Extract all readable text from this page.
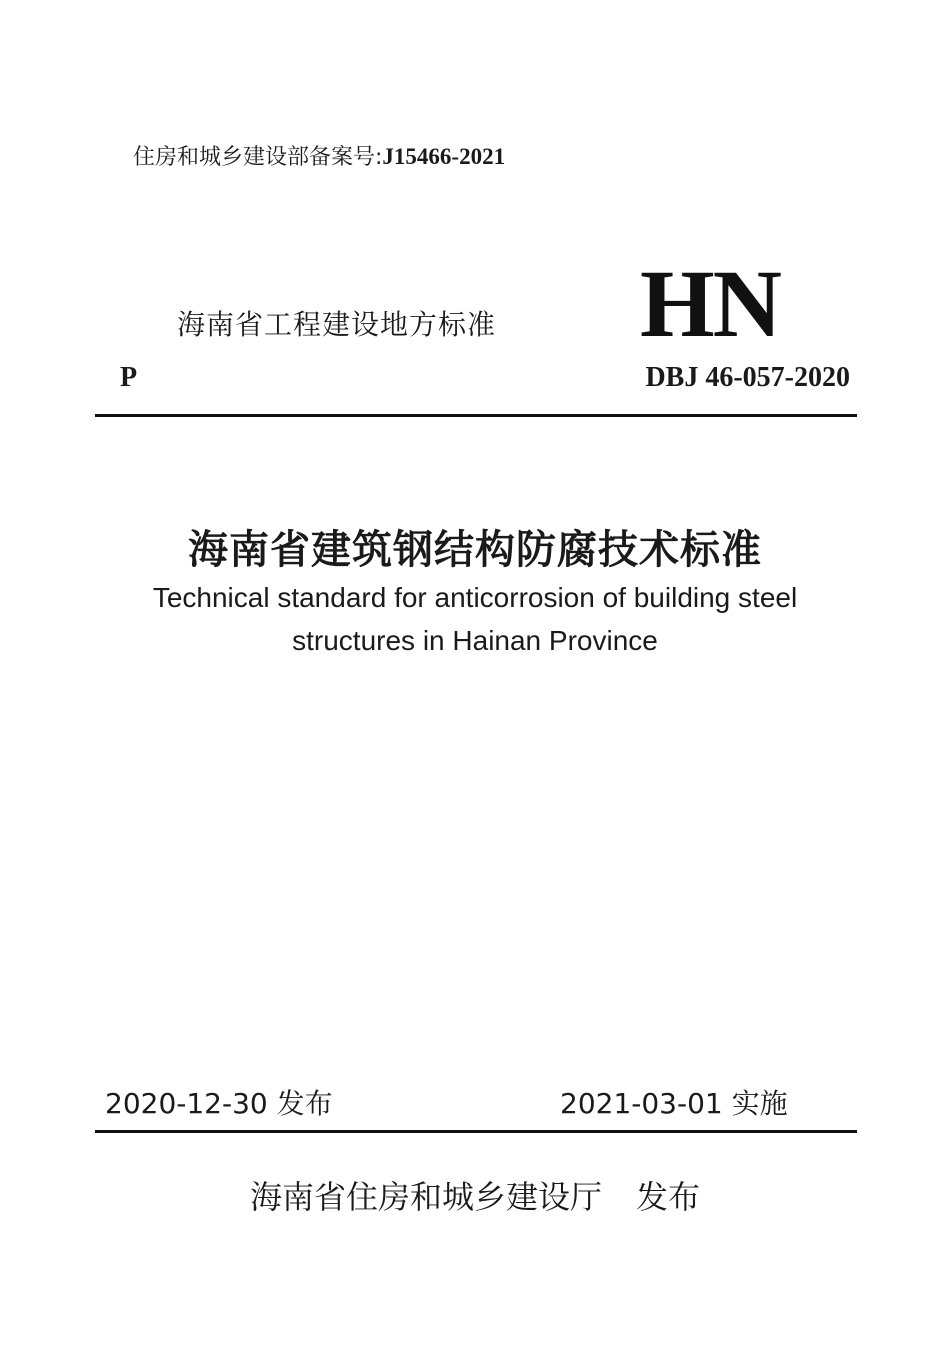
住房和城乡建设部备案号:J15466-2021
海南省工程建设地方标准 HN
P	DBJ 46-057-2020
海南省建筑钢结构防腐技术标准
Technical standard for anticorrosion of building steel
structures in Hainan Province
2020-12-30 发布	2021-03-01 实施
海南省住房和城乡建设厅 发布
